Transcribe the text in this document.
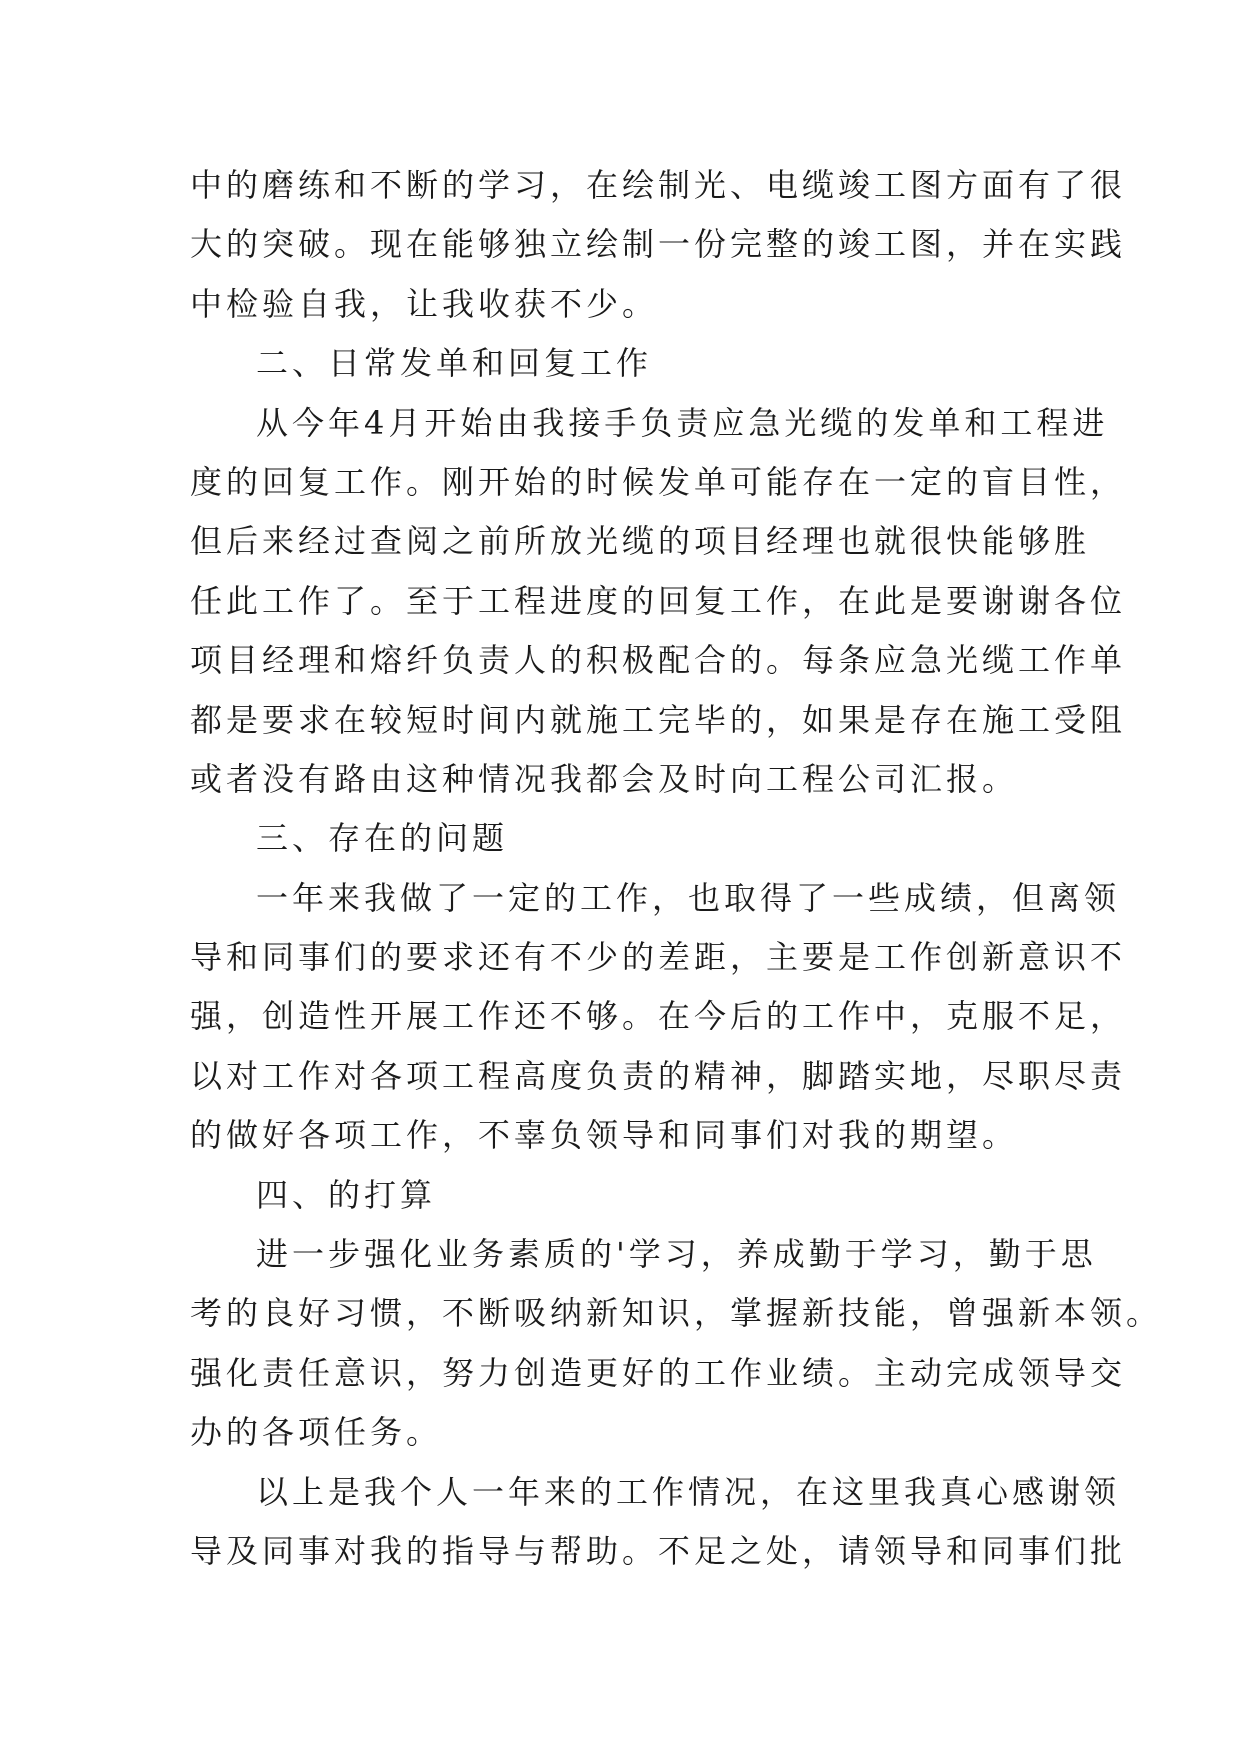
中的磨练和不断的学习，在绘制光、电缆竣工图方面有了很
大的突破。现在能够独立绘制一份完整的竣工图，并在实践
中检验自我，让我收获不少。
二、日常发单和回复工作
从今年4月开始由我接手负责应急光缆的发单和工程进
度的回复工作。刚开始的时候发单可能存在一定的盲目性，
但后来经过查阅之前所放光缆的项目经理也就很快能够胜
任此工作了。至于工程进度的回复工作，在此是要谢谢各位
项目经理和熔纤负责人的积极配合的。每条应急光缆工作单
都是要求在较短时间内就施工完毕的，如果是存在施工受阻
或者没有路由这种情况我都会及时向工程公司汇报。
三、存在的问题
一年来我做了一定的工作，也取得了一些成绩，但离领
导和同事们的要求还有不少的差距，主要是工作创新意识不
强，创造性开展工作还不够。在今后的工作中，克服不足，
以对工作对各项工程高度负责的精神，脚踏实地，尽职尽责
的做好各项工作，不辜负领导和同事们对我的期望。
四、的打算
进一步强化业务素质的'学习，养成勤于学习，勤于思
考的良好习惯，不断吸纳新知识，掌握新技能，曾强新本领。
强化责任意识，努力创造更好的工作业绩。主动完成领导交
办的各项任务。
以上是我个人一年来的工作情况，在这里我真心感谢领
导及同事对我的指导与帮助。不足之处，请领导和同事们批
